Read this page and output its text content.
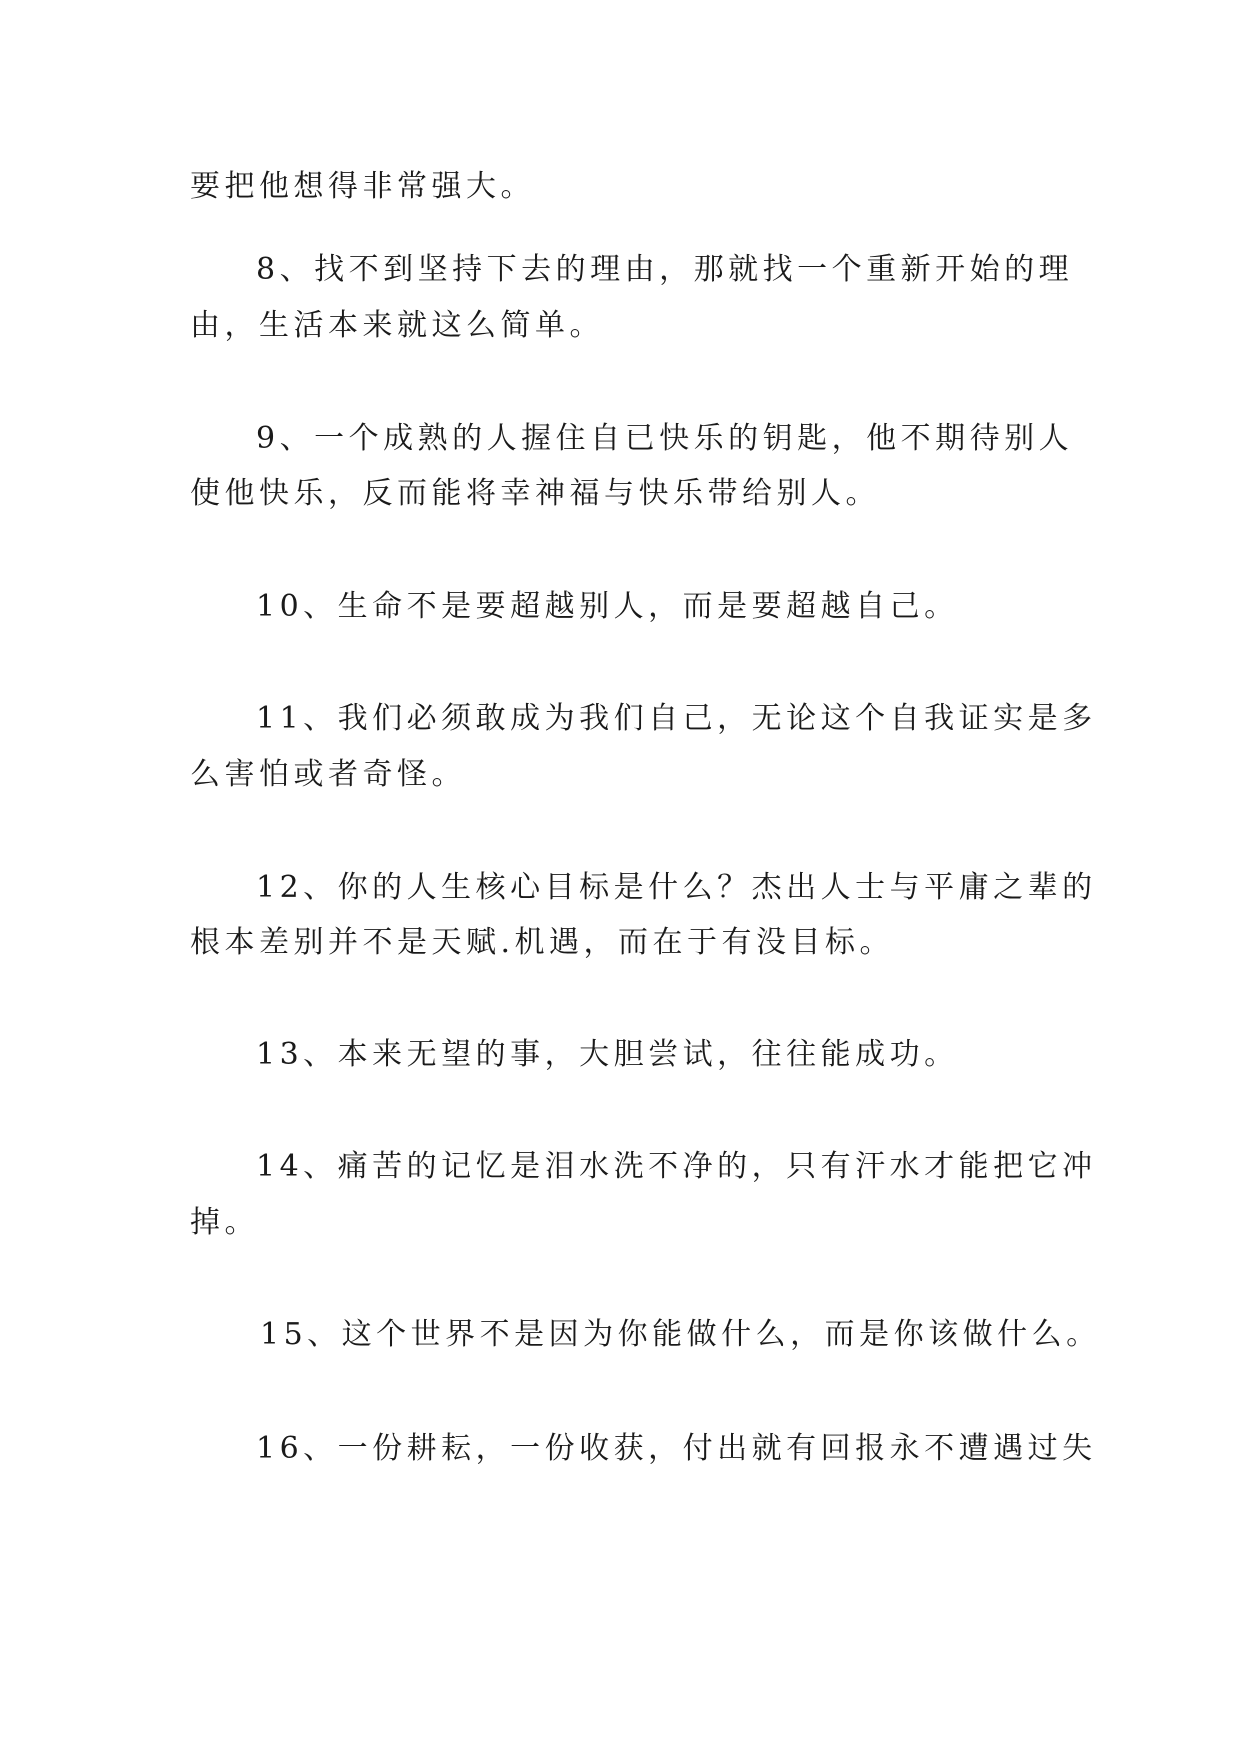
要把他想得非常强大。
8、找不到坚持下去的理由，那就找一个重新开始的理
由，生活本来就这么简单。
9、一个成熟的人握住自已快乐的钥匙，他不期待别人
使他快乐，反而能将幸神福与快乐带给别人。
10、生命不是要超越别人，而是要超越自己。
11、我们必须敢成为我们自己，无论这个自我证实是多
么害怕或者奇怪。
12、你的人生核心目标是什么？杰出人士与平庸之辈的
根本差别并不是天赋.机遇，而在于有没目标。
13、本来无望的事，大胆尝试，往往能成功。
14、痛苦的记忆是泪水洗不净的，只有汗水才能把它冲
掉。
15、这个世界不是因为你能做什么，而是你该做什么。
16、一份耕耘，一份收获，付出就有回报永不遭遇过失
